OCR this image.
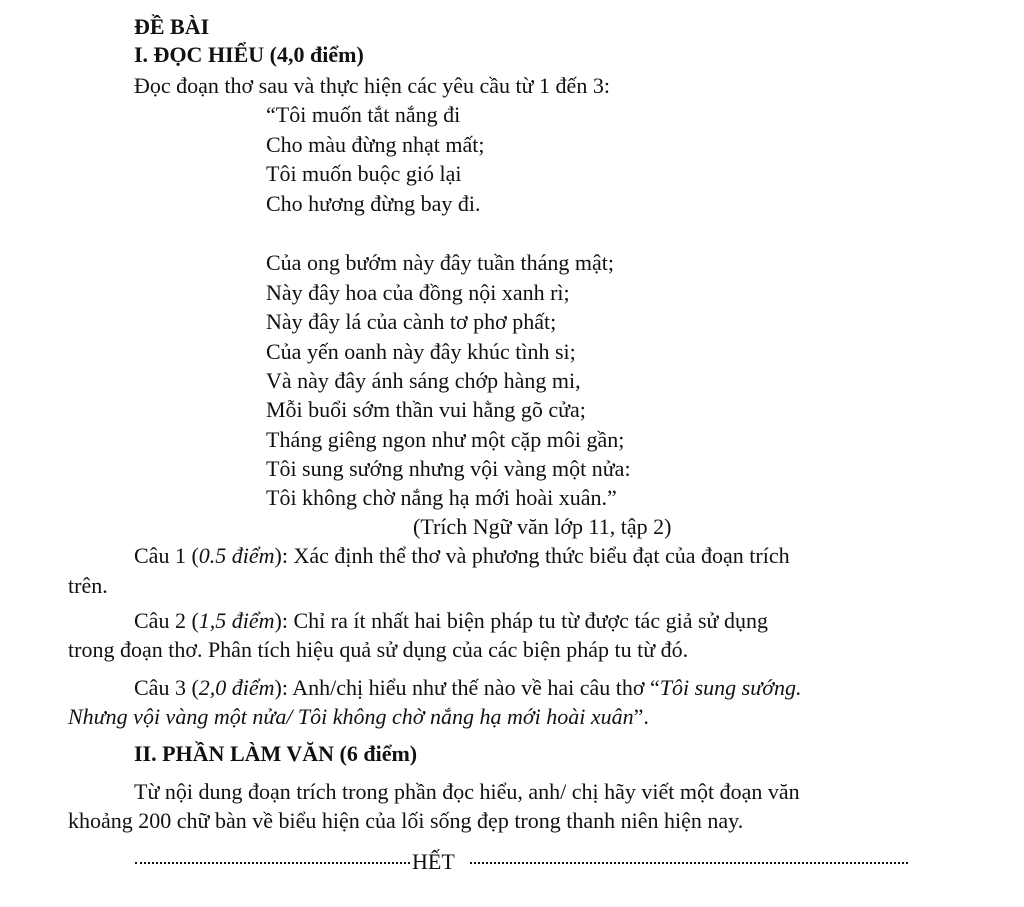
ĐỀ BÀI
I. ĐỌC HIỂU (4,0 điểm)
Đọc đoạn thơ sau và thực hiện các yêu cầu từ 1 đến 3:
“Tôi muốn tắt nắng đi
Cho màu đừng nhạt mất;
Tôi muốn buộc gió lại
Cho hương đừng bay đi.
Của ong bướm này đây tuần tháng mật;
Này đây hoa của đồng nội xanh rì;
Này đây lá của cành tơ phơ phất;
Của yến oanh này đây khúc tình si;
Và này đây ánh sáng chớp hàng mi,
Mỗi buổi sớm thần vui hằng gõ cửa;
Tháng giêng ngon như một cặp môi gần;
Tôi sung sướng nhưng vội vàng một nửa:
Tôi không chờ nắng hạ mới hoài xuân.”
(Trích Ngữ văn lớp 11, tập 2)
Câu 1 (0.5 điểm): Xác định thể thơ và phương thức biểu đạt của đoạn trích
trên.
Câu 2 (1,5 điểm): Chỉ ra ít nhất hai biện pháp tu từ được tác giả sử dụng
trong đoạn thơ. Phân tích hiệu quả sử dụng của các biện pháp tu từ đó.
Câu 3 (2,0 điểm): Anh/chị hiểu như thế nào về hai câu thơ “Tôi sung sướng.
Nhưng vội vàng một nửa/ Tôi không chờ nắng hạ mới hoài xuân”.
II. PHẦN LÀM VĂN (6 điểm)
Từ nội dung đoạn trích trong phần đọc hiểu, anh/ chị hãy viết một đoạn văn
khoảng 200 chữ bàn về biểu hiện của lối sống đẹp trong thanh niên hiện nay.
HẾT
